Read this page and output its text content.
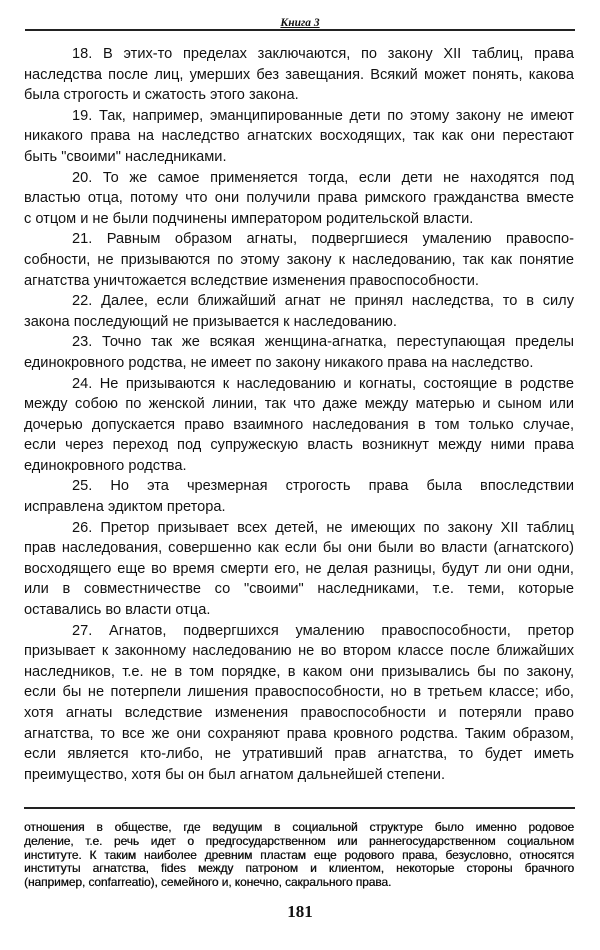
Книга 3
18. В этих-то пределах заключаются, по закону XII таблиц, права
наследства после лиц, умерших без завещания. Всякий может понять, какова
была строгость и сжатость этого закона.
19. Так, например, эманципированные дети по этому закону не имеют
никакого права на наследство агнатских восходящих, так как они перестают
быть "своими" наследниками.
20. То же самое применяется тогда, если дети не находятся под
властью отца, потому что они получили права римского гражданства вместе
с отцом и не были подчинены императором родительской власти.
21. Равным образом агнаты, подвергшиеся умалению правоспо-
собности, не призываются по этому закону к наследованию, так как понятие
агнатства уничтожается вследствие изменения правоспособности.
22. Далее, если ближайший агнат не принял наследства, то в силу
закона последующий не призывается к наследованию.
23. Точно так же всякая женщина-агнатка, переступающая пределы
единокровного родства, не имеет по закону никакого права на наследство.
24. Не призываются к наследованию и когнаты, состоящие в родстве
между собою по женской линии, так что даже между матерью и сыном или
дочерью допускается право взаимного наследования в том только случае,
если через переход под супружескую власть возникнут между ними права
единокровного родства.
25. Но эта чрезмерная строгость права была впоследствии
исправлена эдиктом претора.
26. Претор призывает всех детей, не имеющих по закону XII таблиц
прав наследования, совершенно как если бы они были во власти (агнатского)
восходящего еще во время смерти его, не делая разницы, будут ли они одни,
или в совместничестве со "своими" наследниками, т.е. теми, которые
оставались во власти отца.
27. Агнатов, подвергшихся умалению правоспособности, претор
призывает к законному наследованию не во втором классе после ближайших
наследников, т.е. не в том порядке, в каком они призывались бы по закону,
если бы не потерпели лишения правоспособности, но в третьем классе; ибо,
хотя агнаты вследствие изменения правоспособности и потеряли право
агнатства, то все же они сохраняют права кровного родства. Таким образом,
если является кто-либо, не утративший прав агнатства, то будет иметь
преимущество, хотя бы он был агнатом дальнейшей степени.
отношения в обществе, где ведущим в социальной структуре было именно родовое
деление, т.е. речь идет о предгосударственном или раннегосударственном социальном
институте. К таким наиболее древним пластам еще родового права, безусловно, относятся
институты агнатства, fides между патроном и клиентом, некоторые стороны брачного
(например, confarreatio), семейного и, конечно, сакрального права.
181
